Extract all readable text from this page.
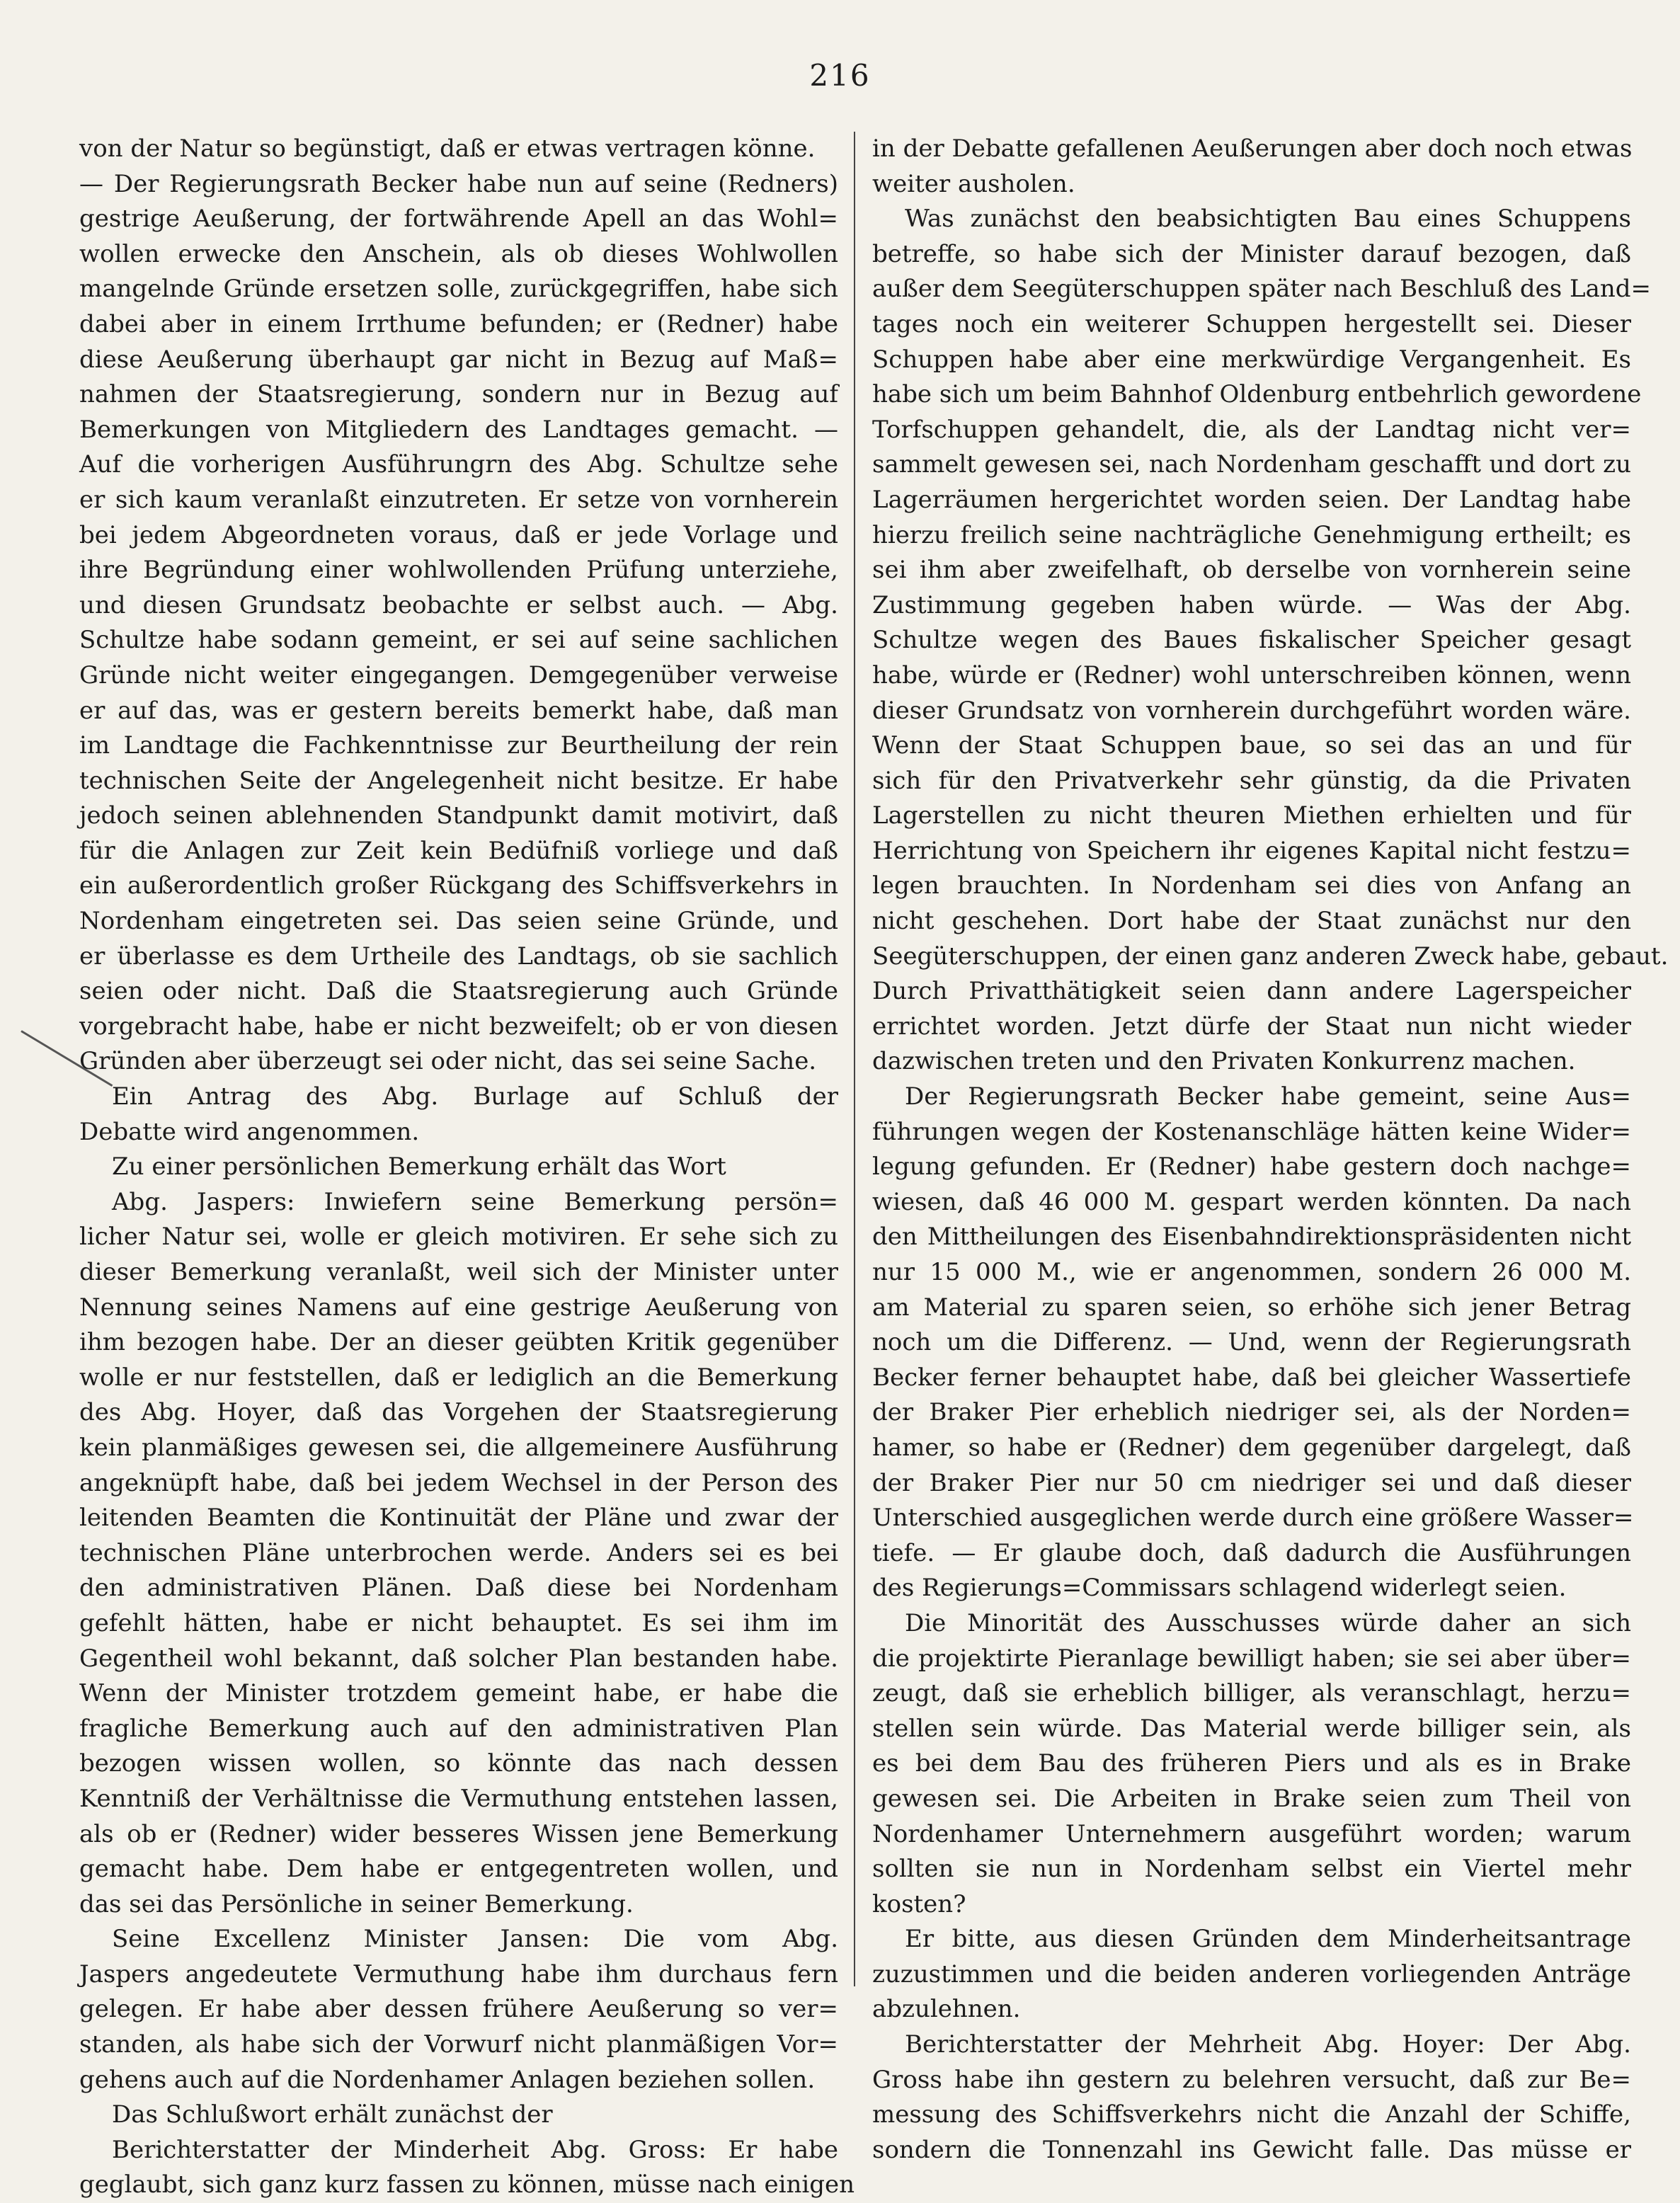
216
von der Natur so begünstigt, daß er etwas vertragen könne.
— Der Regierungsrath Becker habe nun auf seine (Redners)
gestrige Aeußerung, der fortwährende Apell an das Wohl=
wollen erwecke den Anschein, als ob dieses Wohlwollen
mangelnde Gründe ersetzen solle, zurückgegriffen, habe sich
dabei aber in einem Irrthume befunden; er (Redner) habe
diese Aeußerung überhaupt gar nicht in Bezug auf Maß=
nahmen der Staatsregierung, sondern nur in Bezug auf
Bemerkungen von Mitgliedern des Landtages gemacht. —
Auf die vorherigen Ausführungrn des Abg. Schultze sehe
er sich kaum veranlaßt einzutreten. Er setze von vornherein
bei jedem Abgeordneten voraus, daß er jede Vorlage und
ihre Begründung einer wohlwollenden Prüfung unterziehe,
und diesen Grundsatz beobachte er selbst auch. — Abg.
Schultze habe sodann gemeint, er sei auf seine sachlichen
Gründe nicht weiter eingegangen. Demgegenüber verweise
er auf das, was er gestern bereits bemerkt habe, daß man
im Landtage die Fachkenntnisse zur Beurtheilung der rein
technischen Seite der Angelegenheit nicht besitze. Er habe
jedoch seinen ablehnenden Standpunkt damit motivirt, daß
für die Anlagen zur Zeit kein Bedüfniß vorliege und daß
ein außerordentlich großer Rückgang des Schiffsverkehrs in
Nordenham eingetreten sei. Das seien seine Gründe, und
er überlasse es dem Urtheile des Landtags, ob sie sachlich
seien oder nicht. Daß die Staatsregierung auch Gründe
vorgebracht habe, habe er nicht bezweifelt; ob er von diesen
Gründen aber überzeugt sei oder nicht, das sei seine Sache.
Ein Antrag des Abg. Burlage auf Schluß der
Debatte wird angenommen.
Zu einer persönlichen Bemerkung erhält das Wort
Abg. Jaspers: Inwiefern seine Bemerkung persön=
licher Natur sei, wolle er gleich motiviren. Er sehe sich zu
dieser Bemerkung veranlaßt, weil sich der Minister unter
Nennung seines Namens auf eine gestrige Aeußerung von
ihm bezogen habe. Der an dieser geübten Kritik gegenüber
wolle er nur feststellen, daß er lediglich an die Bemerkung
des Abg. Hoyer, daß das Vorgehen der Staatsregierung
kein planmäßiges gewesen sei, die allgemeinere Ausführung
angeknüpft habe, daß bei jedem Wechsel in der Person des
leitenden Beamten die Kontinuität der Pläne und zwar der
technischen Pläne unterbrochen werde. Anders sei es bei
den administrativen Plänen. Daß diese bei Nordenham
gefehlt hätten, habe er nicht behauptet. Es sei ihm im
Gegentheil wohl bekannt, daß solcher Plan bestanden habe.
Wenn der Minister trotzdem gemeint habe, er habe die
fragliche Bemerkung auch auf den administrativen Plan
bezogen wissen wollen, so könnte das nach dessen
Kenntniß der Verhältnisse die Vermuthung entstehen lassen,
als ob er (Redner) wider besseres Wissen jene Bemerkung
gemacht habe. Dem habe er entgegentreten wollen, und
das sei das Persönliche in seiner Bemerkung.
Seine Excellenz Minister Jansen: Die vom Abg.
Jaspers angedeutete Vermuthung habe ihm durchaus fern
gelegen. Er habe aber dessen frühere Aeußerung so ver=
standen, als habe sich der Vorwurf nicht planmäßigen Vor=
gehens auch auf die Nordenhamer Anlagen beziehen sollen.
Das Schlußwort erhält zunächst der
Berichterstatter der Minderheit Abg. Gross: Er habe
geglaubt, sich ganz kurz fassen zu können, müsse nach einigen
in der Debatte gefallenen Aeußerungen aber doch noch etwas
weiter ausholen.
Was zunächst den beabsichtigten Bau eines Schuppens
betreffe, so habe sich der Minister darauf bezogen, daß
außer dem Seegüterschuppen später nach Beschluß des Land=
tages noch ein weiterer Schuppen hergestellt sei. Dieser
Schuppen habe aber eine merkwürdige Vergangenheit. Es
habe sich um beim Bahnhof Oldenburg entbehrlich gewordene
Torfschuppen gehandelt, die, als der Landtag nicht ver=
sammelt gewesen sei, nach Nordenham geschafft und dort zu
Lagerräumen hergerichtet worden seien. Der Landtag habe
hierzu freilich seine nachträgliche Genehmigung ertheilt; es
sei ihm aber zweifelhaft, ob derselbe von vornherein seine
Zustimmung gegeben haben würde. — Was der Abg.
Schultze wegen des Baues fiskalischer Speicher gesagt
habe, würde er (Redner) wohl unterschreiben können, wenn
dieser Grundsatz von vornherein durchgeführt worden wäre.
Wenn der Staat Schuppen baue, so sei das an und für
sich für den Privatverkehr sehr günstig, da die Privaten
Lagerstellen zu nicht theuren Miethen erhielten und für
Herrichtung von Speichern ihr eigenes Kapital nicht festzu=
legen brauchten. In Nordenham sei dies von Anfang an
nicht geschehen. Dort habe der Staat zunächst nur den
Seegüterschuppen, der einen ganz anderen Zweck habe, gebaut.
Durch Privatthätigkeit seien dann andere Lagerspeicher
errichtet worden. Jetzt dürfe der Staat nun nicht wieder
dazwischen treten und den Privaten Konkurrenz machen.
Der Regierungsrath Becker habe gemeint, seine Aus=
führungen wegen der Kostenanschläge hätten keine Wider=
legung gefunden. Er (Redner) habe gestern doch nachge=
wiesen, daß 46 000 M. gespart werden könnten. Da nach
den Mittheilungen des Eisenbahndirektionspräsidenten nicht
nur 15 000 M., wie er angenommen, sondern 26 000 M.
am Material zu sparen seien, so erhöhe sich jener Betrag
noch um die Differenz. — Und, wenn der Regierungsrath
Becker ferner behauptet habe, daß bei gleicher Wassertiefe
der Braker Pier erheblich niedriger sei, als der Norden=
hamer, so habe er (Redner) dem gegenüber dargelegt, daß
der Braker Pier nur 50 cm niedriger sei und daß dieser
Unterschied ausgeglichen werde durch eine größere Wasser=
tiefe. — Er glaube doch, daß dadurch die Ausführungen
des Regierungs=Commissars schlagend widerlegt seien.
Die Minorität des Ausschusses würde daher an sich
die projektirte Pieranlage bewilligt haben; sie sei aber über=
zeugt, daß sie erheblich billiger, als veranschlagt, herzu=
stellen sein würde. Das Material werde billiger sein, als
es bei dem Bau des früheren Piers und als es in Brake
gewesen sei. Die Arbeiten in Brake seien zum Theil von
Nordenhamer Unternehmern ausgeführt worden; warum
sollten sie nun in Nordenham selbst ein Viertel mehr
kosten?
Er bitte, aus diesen Gründen dem Minderheitsantrage
zuzustimmen und die beiden anderen vorliegenden Anträge
abzulehnen.
Berichterstatter der Mehrheit Abg. Hoyer: Der Abg.
Gross habe ihn gestern zu belehren versucht, daß zur Be=
messung des Schiffsverkehrs nicht die Anzahl der Schiffe,
sondern die Tonnenzahl ins Gewicht falle. Das müsse er
